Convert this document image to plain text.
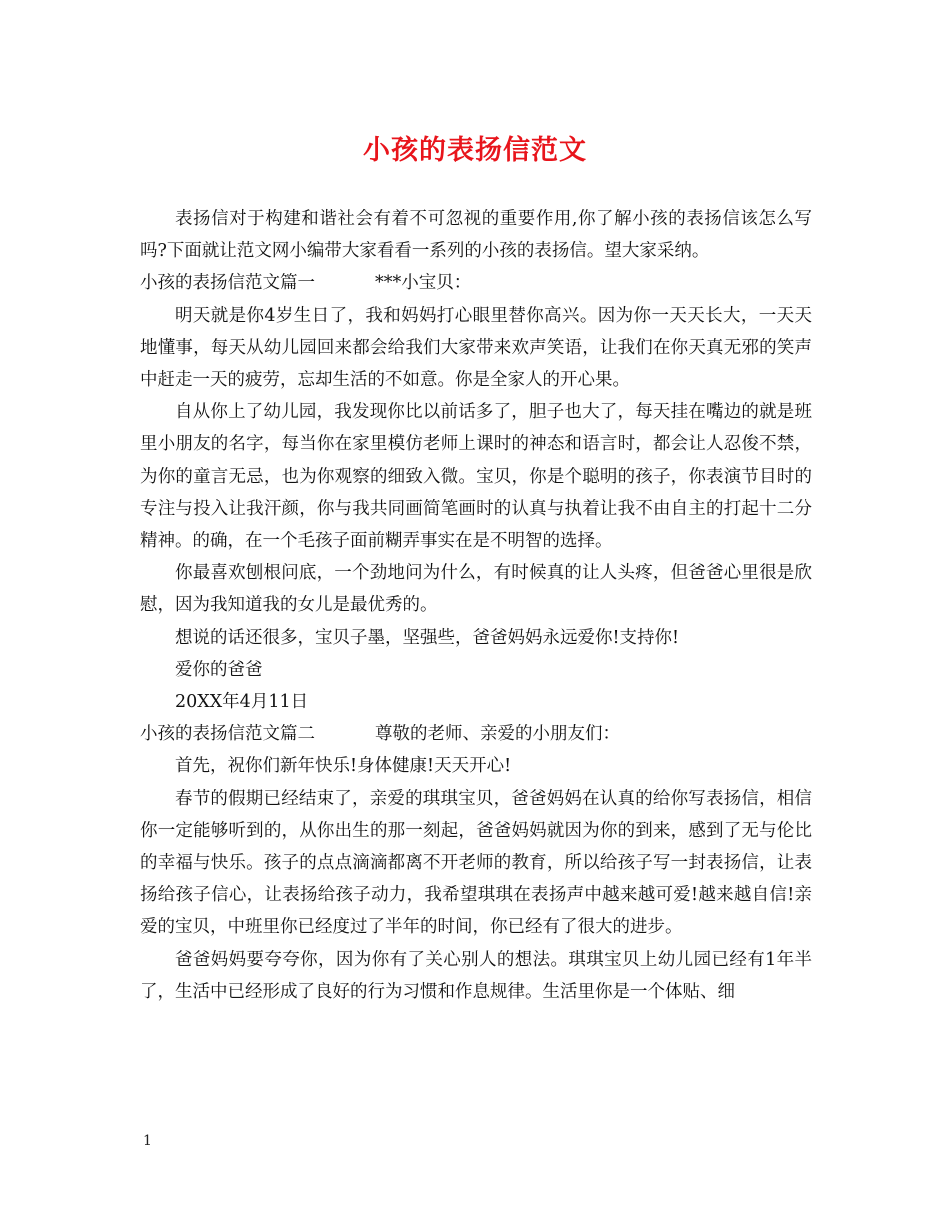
小孩的表扬信范文

表扬信对于构建和谐社会有着不可忽视的重要作用,你了解小孩的表扬信该怎么写吗?下面就让范文网小编带大家看看一系列的小孩的表扬信。望大家采纳。

小孩的表扬信范文篇一	***小宝贝：

明天就是你4岁生日了，我和妈妈打心眼里替你高兴。因为你一天天长大，一天天地懂事，每天从幼儿园回来都会给我们大家带来欢声笑语，让我们在你天真无邪的笑声中赶走一天的疲劳，忘却生活的不如意。你是全家人的开心果。

自从你上了幼儿园，我发现你比以前话多了，胆子也大了，每天挂在嘴边的就是班里小朋友的名字，每当你在家里模仿老师上课时的神态和语言时，都会让人忍俊不禁，为你的童言无忌，也为你观察的细致入微。宝贝，你是个聪明的孩子，你表演节目时的专注与投入让我汗颜，你与我共同画简笔画时的认真与执着让我不由自主的打起十二分精神。的确，在一个毛孩子面前糊弄事实在是不明智的选择。

你最喜欢刨根问底，一个劲地问为什么，有时候真的让人头疼，但爸爸心里很是欣慰，因为我知道我的女儿是最优秀的。

想说的话还很多，宝贝子墨，坚强些，爸爸妈妈永远爱你!支持你!

爱你的爸爸

20XX年4月11日

小孩的表扬信范文篇二	尊敬的老师、亲爱的小朋友们：

首先，祝你们新年快乐!身体健康!天天开心!

春节的假期已经结束了，亲爱的琪琪宝贝，爸爸妈妈在认真的给你写表扬信，相信你一定能够听到的，从你出生的那一刻起，爸爸妈妈就因为你的到来，感到了无与伦比的幸福与快乐。孩子的点点滴滴都离不开老师的教育，所以给孩子写一封表扬信，让表扬给孩子信心，让表扬给孩子动力，我希望琪琪在表扬声中越来越可爱!越来越自信!亲爱的宝贝，中班里你已经度过了半年的时间，你已经有了很大的进步。

爸爸妈妈要夸夸你，因为你有了关心别人的想法。琪琪宝贝上幼儿园已经有1年半了，生活中已经形成了良好的行为习惯和作息规律。生活里你是一个体贴、细

1
